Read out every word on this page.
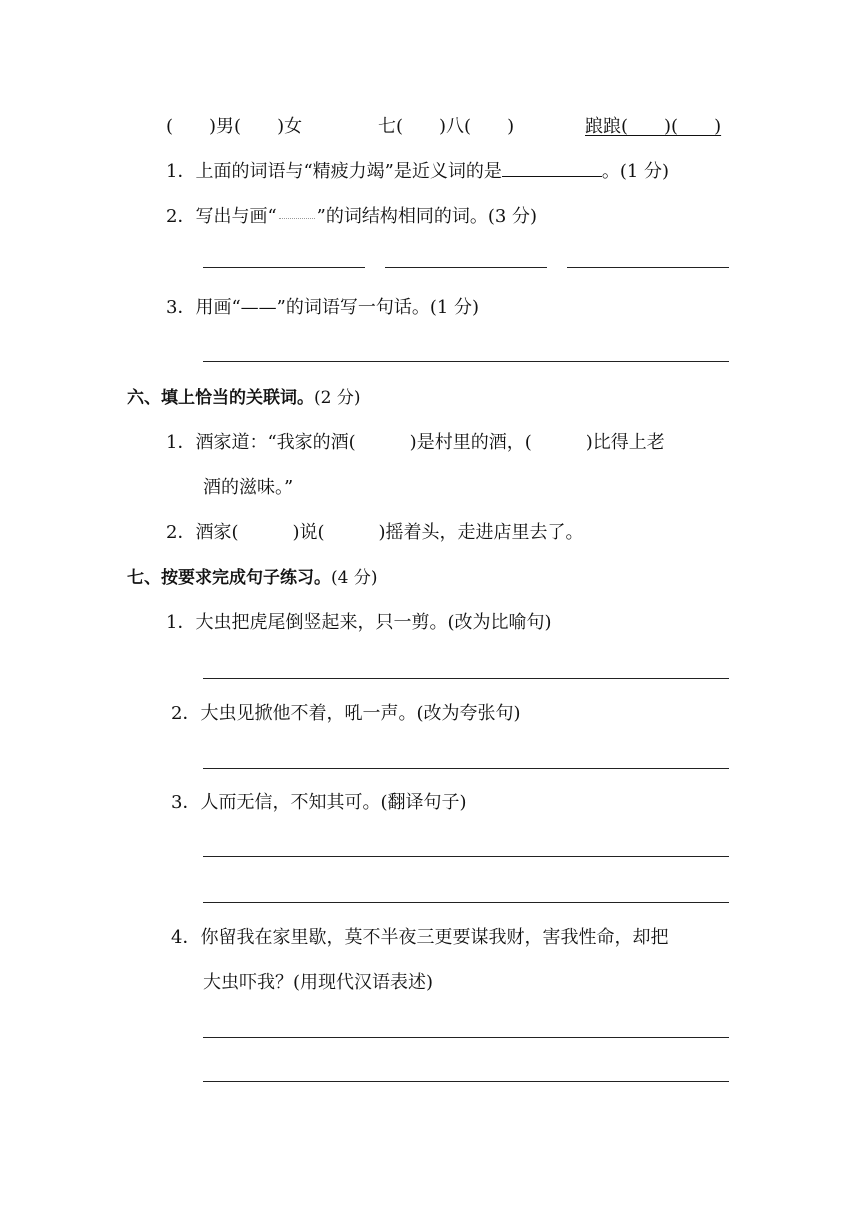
(　　)男(　　)女	七(　　)八(　　)	踉踉(　　)(　　)
1．上面的词语与“精疲力竭”是近义词的是	。(1 分)
2．写出与画“ ”的词结构相同的词。(3 分)
3．用画“——”的词语写一句话。(1 分)
六、填上恰当的关联词。(2 分)
1．酒家道：“我家的酒(　　　)是村里的酒，(　　　)比得上老
酒的滋味。”
2．酒家(　　　)说(　　　)摇着头，走进店里去了。
七、按要求完成句子练习。(4 分)
1．大虫把虎尾倒竖起来，只一剪。(改为比喻句)
2．大虫见掀他不着，吼一声。(改为夸张句)
3．人而无信，不知其可。(翻译句子)
4．你留我在家里歇，莫不半夜三更要谋我财，害我性命，却把
大虫吓我？(用现代汉语表述)
